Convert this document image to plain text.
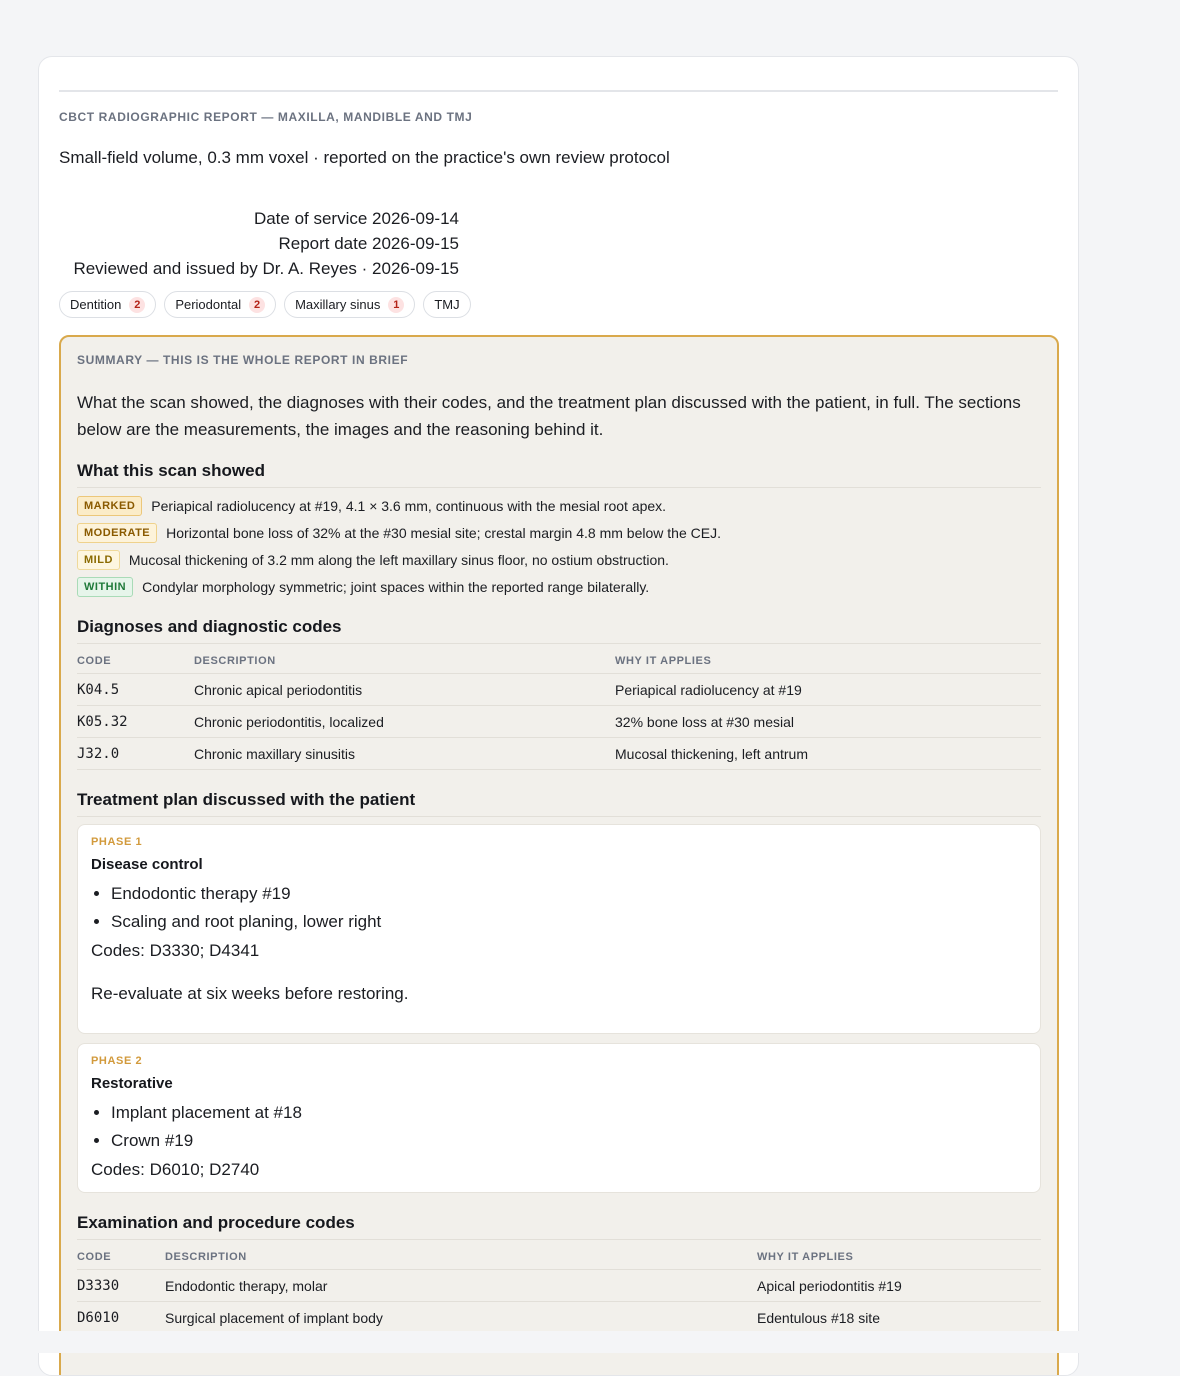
CBCT RADIOGRAPHIC REPORT — MAXILLA, MANDIBLE AND TMJ
Small-field volume, 0.3 mm voxel · reported on the practice's own review protocol
Date of service 2026-09-14
Report date 2026-09-15
Reviewed and issued by Dr. A. Reyes · 2026-09-15
Dentition	2	Periodontal	2	Maxillary sinus	1	TMJ
SUMMARY — THIS IS THE WHOLE REPORT IN BRIEF
What the scan showed, the diagnoses with their codes, and the treatment plan discussed with the patient, in full. The sections below are the measurements, the images and the reasoning behind it.
What this scan showed
MARKED	Periapical radiolucency at #19, 4.1 × 3.6 mm, continuous with the mesial root apex.
MODERATE	Horizontal bone loss of 32% at the #30 mesial site; crestal margin 4.8 mm below the CEJ.
MILD	Mucosal thickening of 3.2 mm along the left maxillary sinus floor, no ostium obstruction.
WITHIN	Condylar morphology symmetric; joint spaces within the reported range bilaterally.
Diagnoses and diagnostic codes
CODE	DESCRIPTION	WHY IT APPLIES
K04.5	Chronic apical periodontitis	Periapical radiolucency at #19
K05.32	Chronic periodontitis, localized	32% bone loss at #30 mesial
J32.0	Chronic maxillary sinusitis	Mucosal thickening, left antrum
Treatment plan discussed with the patient
PHASE 1
Disease control
• Endodontic therapy #19
• Scaling and root planing, lower right
Codes: D3330; D4341
Re-evaluate at six weeks before restoring.
PHASE 2
Restorative
• Implant placement at #18
• Crown #19
Codes: D6010; D2740
Examination and procedure codes
CODE	DESCRIPTION	WHY IT APPLIES
D3330	Endodontic therapy, molar	Apical periodontitis #19
D6010	Surgical placement of implant body	Edentulous #18 site
